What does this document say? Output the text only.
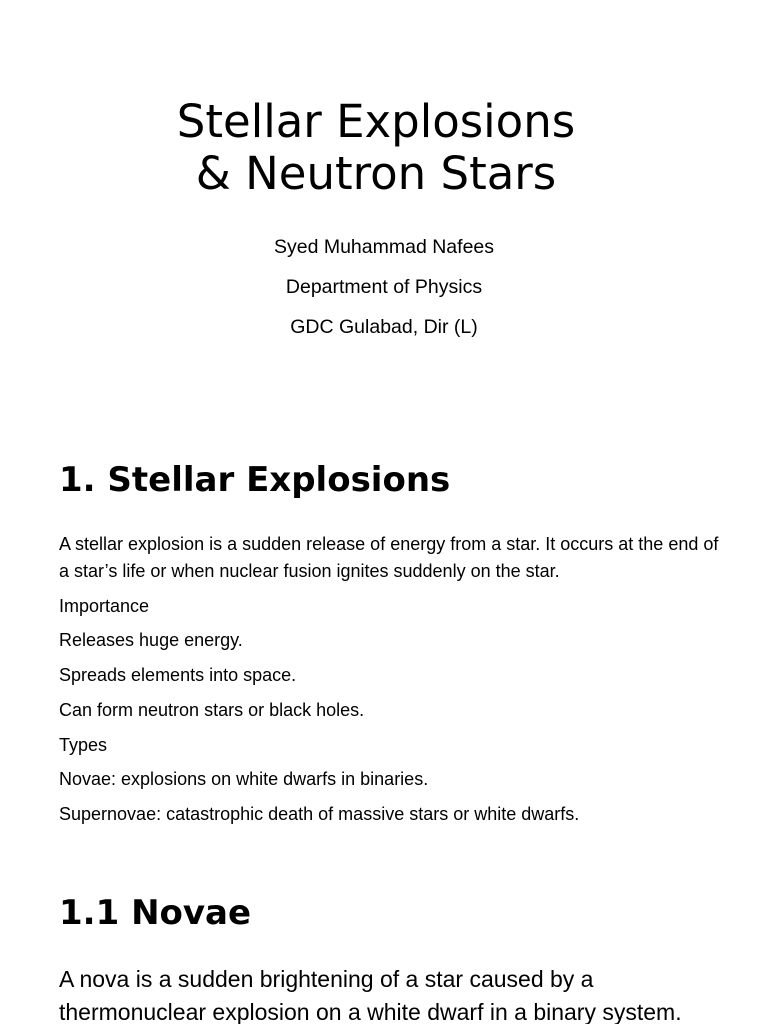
Stellar Explosions
& Neutron Stars

Syed Muhammad Nafees

Department of Physics

GDC Gulabad, Dir (L)

1. Stellar Explosions

A stellar explosion is a sudden release of energy from a star. It occurs at the end of a star’s life or when nuclear fusion ignites suddenly on the star.

Importance

Releases huge energy.

Spreads elements into space.

Can form neutron stars or black holes.

Types

Novae: explosions on white dwarfs in binaries.

Supernovae: catastrophic death of massive stars or white dwarfs.

1.1 Novae

A nova is a sudden brightening of a star caused by a thermonuclear explosion on a white dwarf in a binary system.
